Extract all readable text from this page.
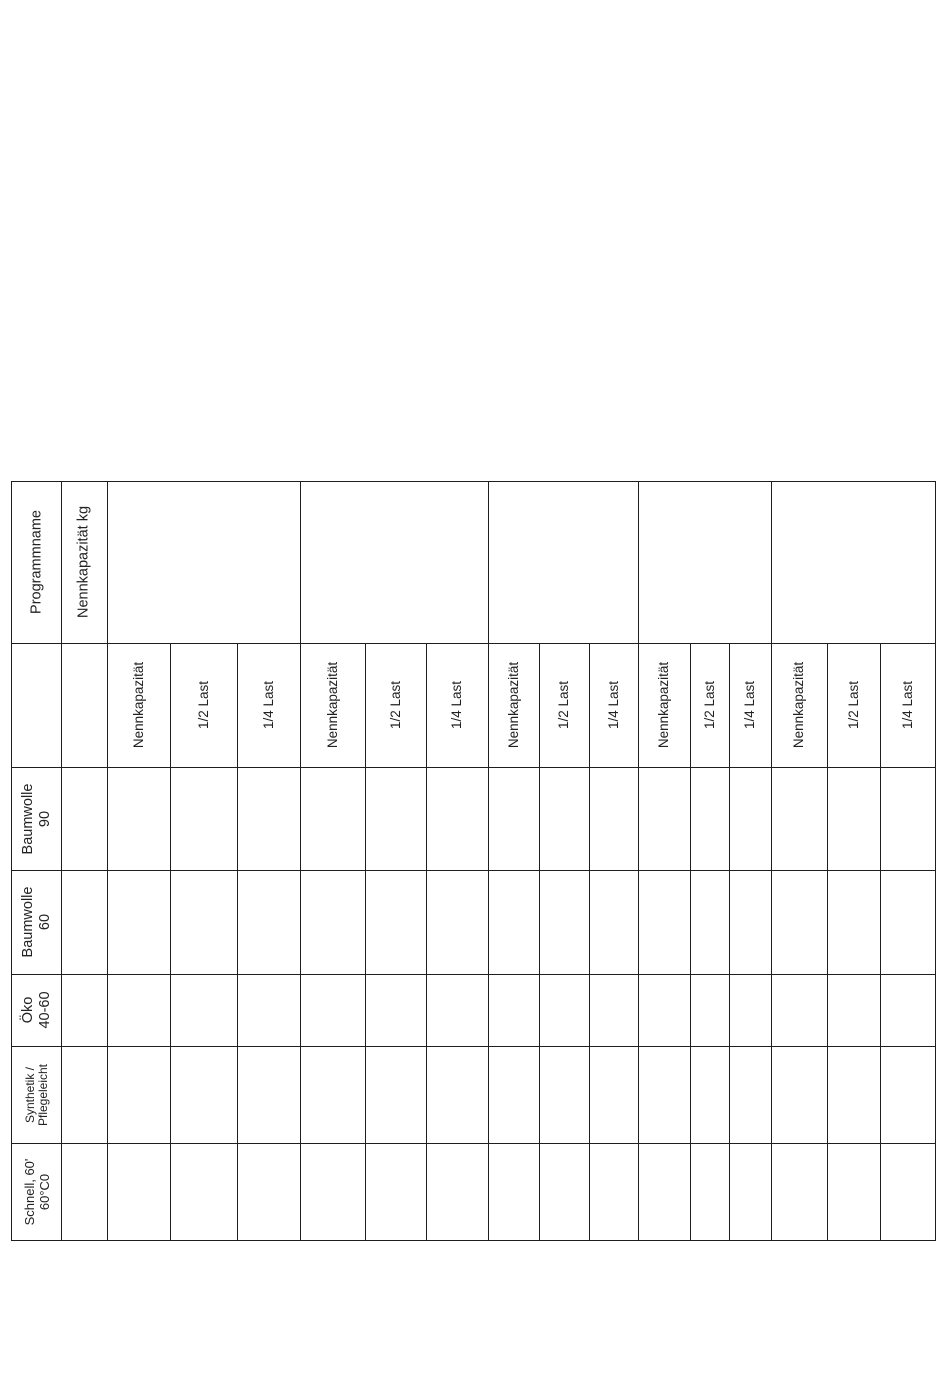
Programmname Nennkapazität kg
Nennkapazität	1/2 Last	1/4 Last	Nennkapazität	1/2 Last	1/4 Last	Nennkapazität	1/2 Last	1/4 Last	Nennkapazität 1/2 Last 1/4 Last	Nennkapazität	1/2 Last	1/4 Last
Baumwolle 90
Baumwolle 60
Öko 40-60
Synthetik / Pflegeleicht
Schnell, 60' 60°C0
